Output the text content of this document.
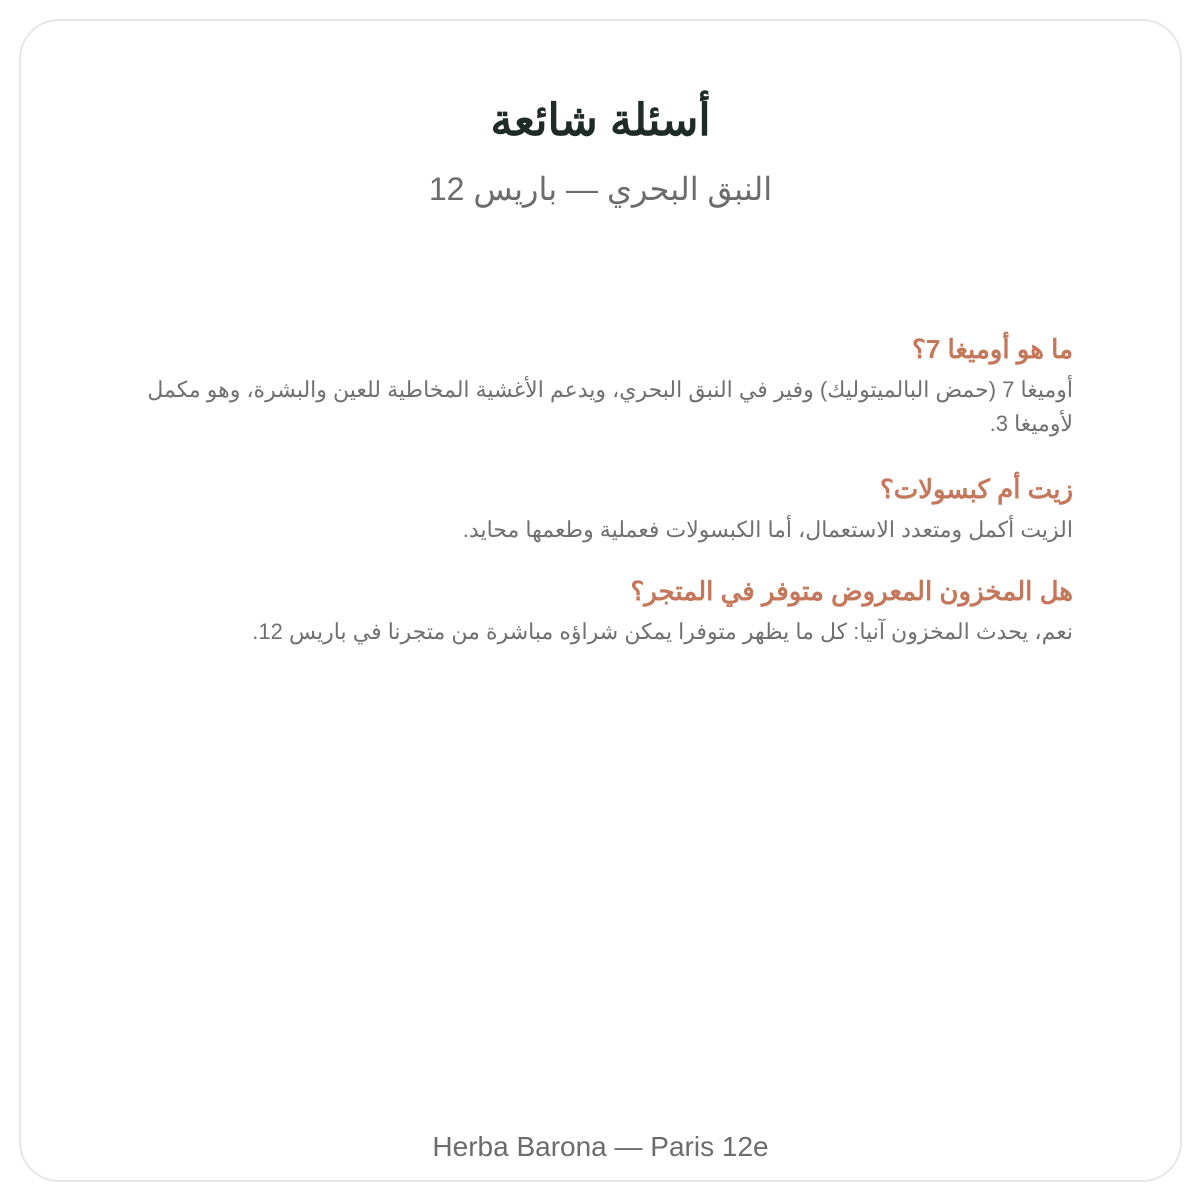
أسئلة شائعة
النبق البحري — باريس 12
ما هو أوميغا 7؟
أوميغا 7 (حمض البالميتوليك) وفير في النبق البحري، ويدعم الأغشية المخاطية للعين والبشرة، وهو مكمل لأوميغا 3.
زيت أم كبسولات؟
الزيت أكمل ومتعدد الاستعمال، أما الكبسولات فعملية وطعمها محايد.
هل المخزون المعروض متوفر في المتجر؟
نعم، يحدث المخزون آنيا: كل ما يظهر متوفرا يمكن شراؤه مباشرة من متجرنا في باريس 12.
Herba Barona — Paris 12e
